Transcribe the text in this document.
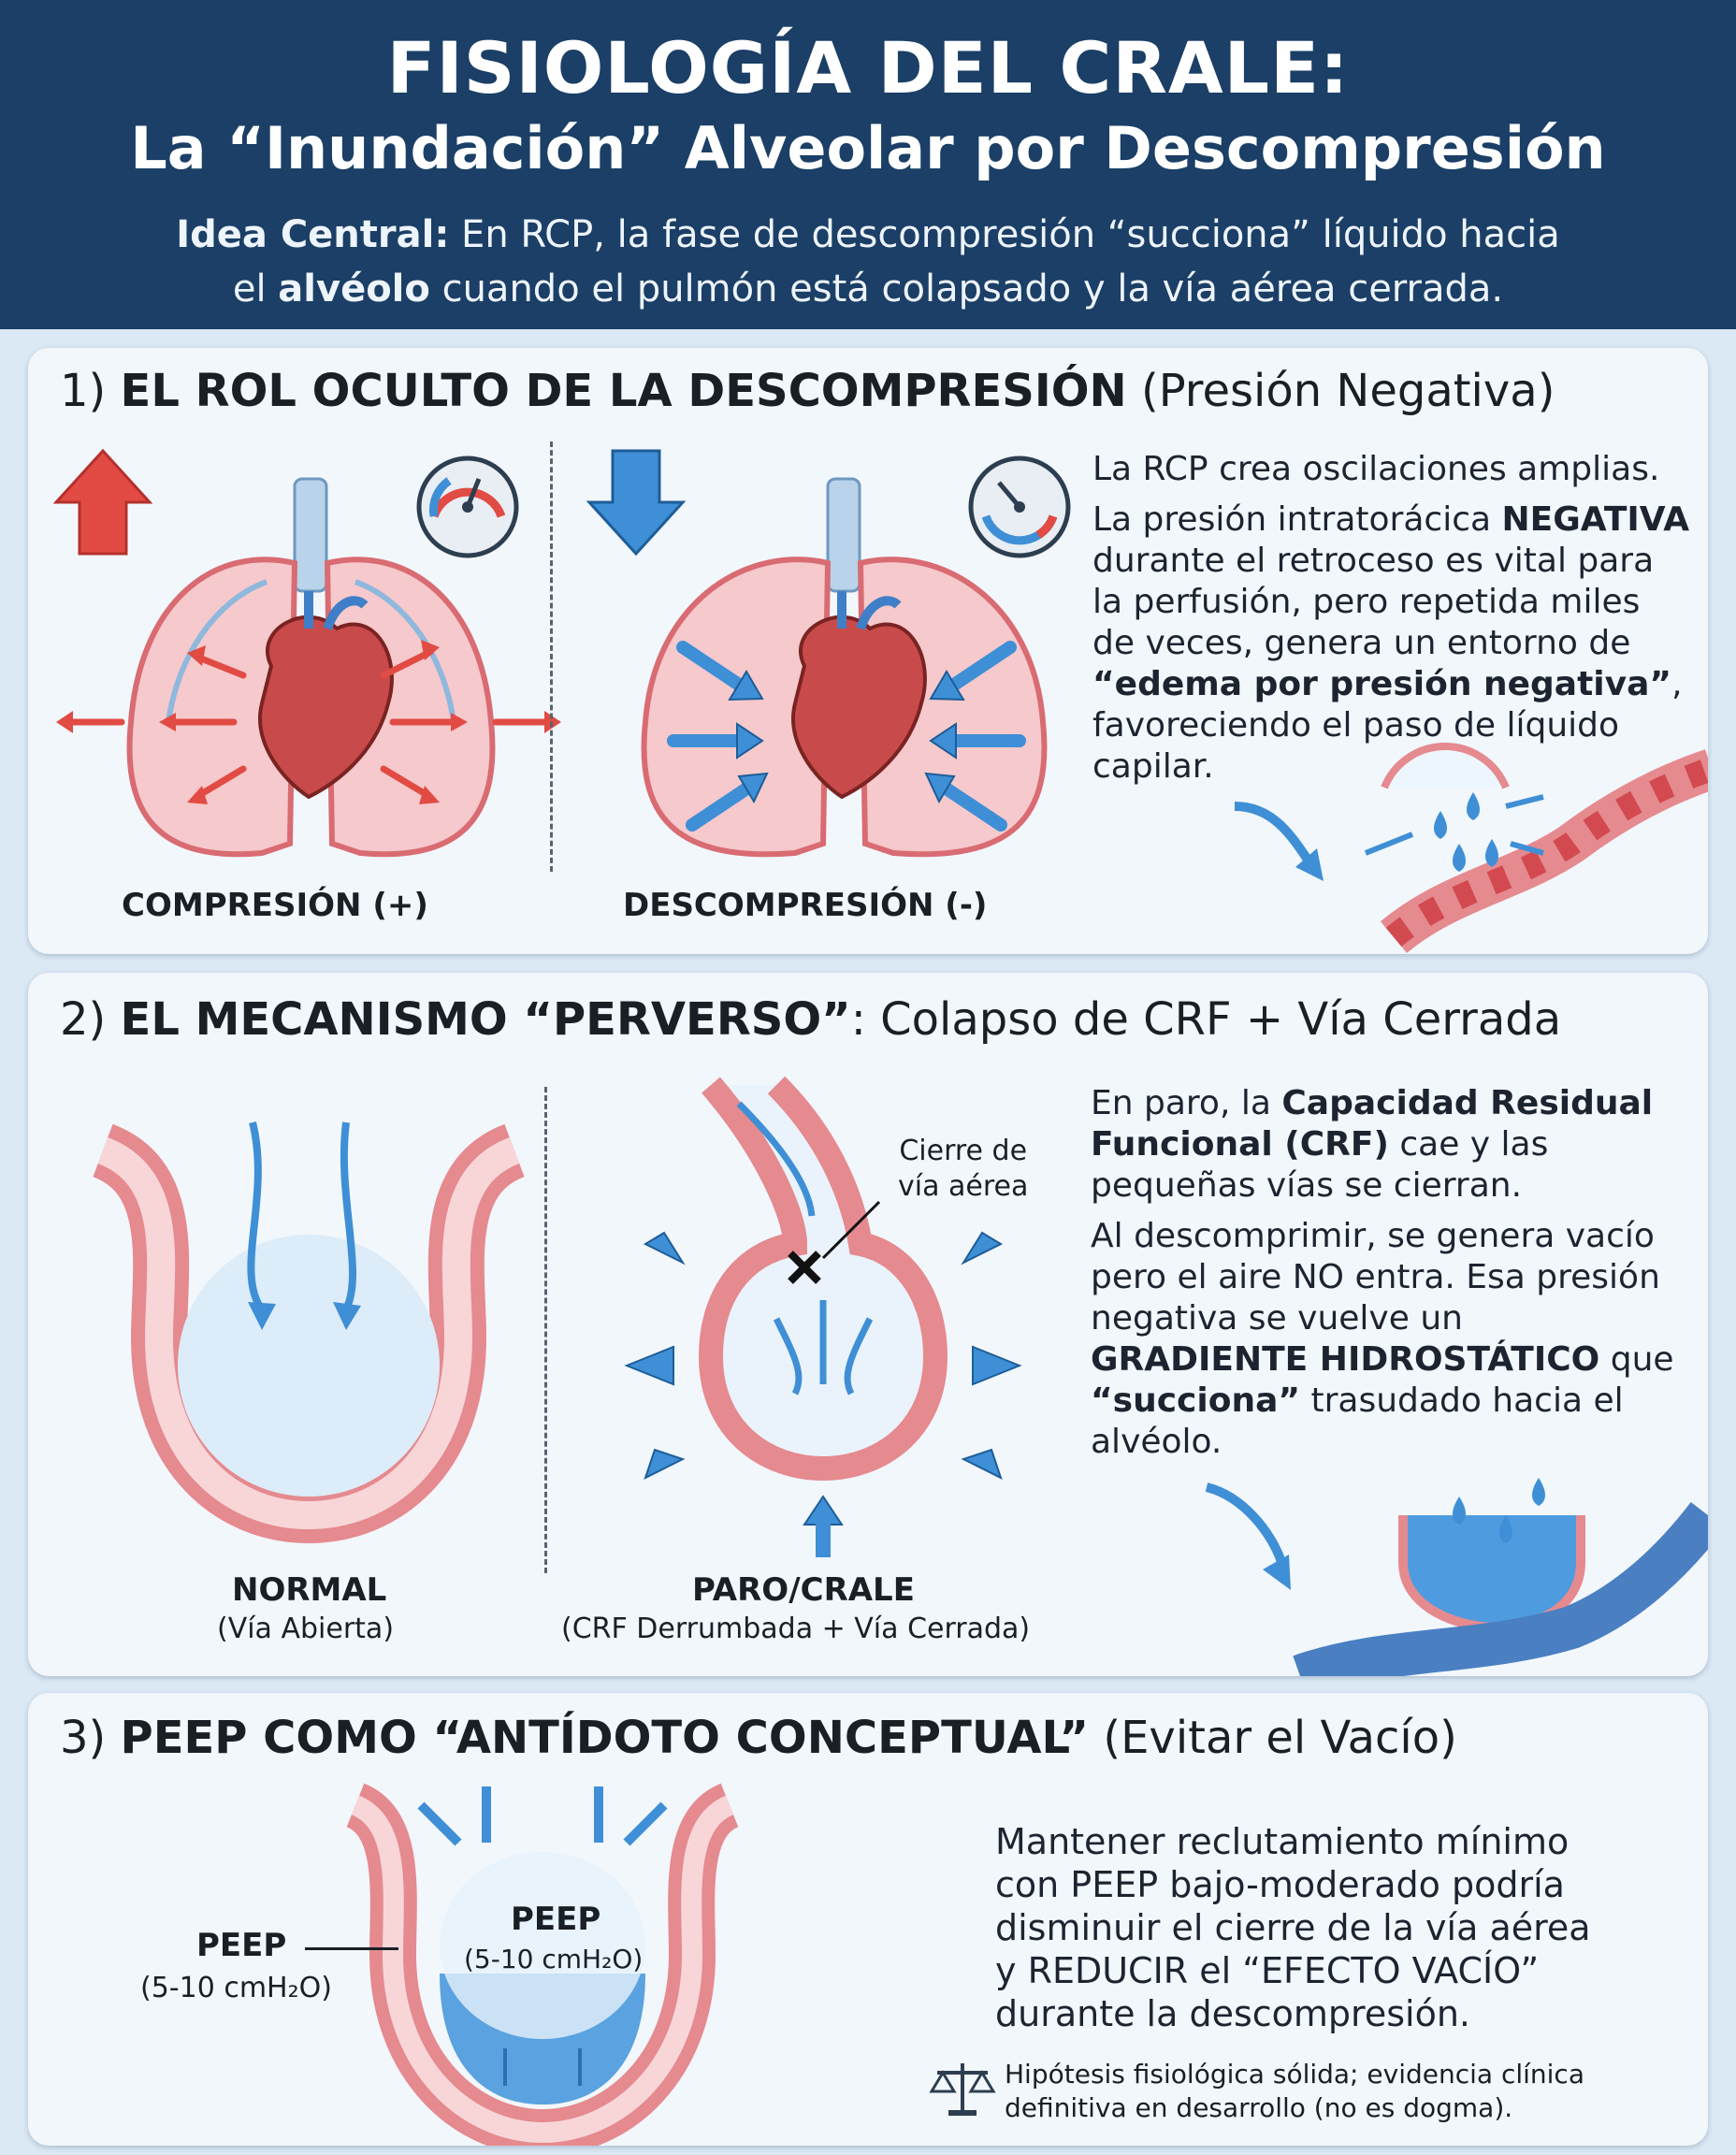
FISIOLOGÍA DEL CRALE:
La “Inundación” Alveolar por Descompresión
Idea Central: En RCP, la fase de descompresión “succiona” líquido hacia
el alvéolo cuando el pulmón está colapsado y la vía aérea cerrada.
1) EL ROL OCULTO DE LA DESCOMPRESIÓN (Presión Negativa)
COMPRESIÓN (+)	DESCOMPRESIÓN (-)

La RCP crea oscilaciones amplias.

La presión intratorácica NEGATIVA durante el retroceso es vital para la perfusión, pero repetida miles de veces, genera un entorno de “edema por presión negativa”, favoreciendo el paso de líquido capilar.

2) EL MECANISMO “PERVERSO”: Colapso de CRF + Vía Cerrada
NORMAL
(Vía Abierta)
Cierre de
vía aérea
PARO/CRALE
(CRF Derrumbada + Vía Cerrada)

En paro, la Capacidad Residual Funcional (CRF) cae y las pequeñas vías se cierran.

Al descomprimir, se genera vacío pero el aire NO entra. Esa presión negativa se vuelve un GRADIENTE HIDROSTÁTICO que “succiona” trasudado hacia el alvéolo.

3) PEEP COMO “ANTÍDOTO CONCEPTUAL” (Evitar el Vacío)
PEEP
(5-10 cmH₂O)
PEEP
(5-10 cmH₂O)
Mantener reclutamiento mínimo con PEEP bajo-moderado podría disminuir el cierre de la vía aérea y REDUCIR el “EFECTO VACÍO” durante la descompresión.
Hipótesis fisiológica sólida; evidencia clínica definitiva en desarrollo (no es dogma).
